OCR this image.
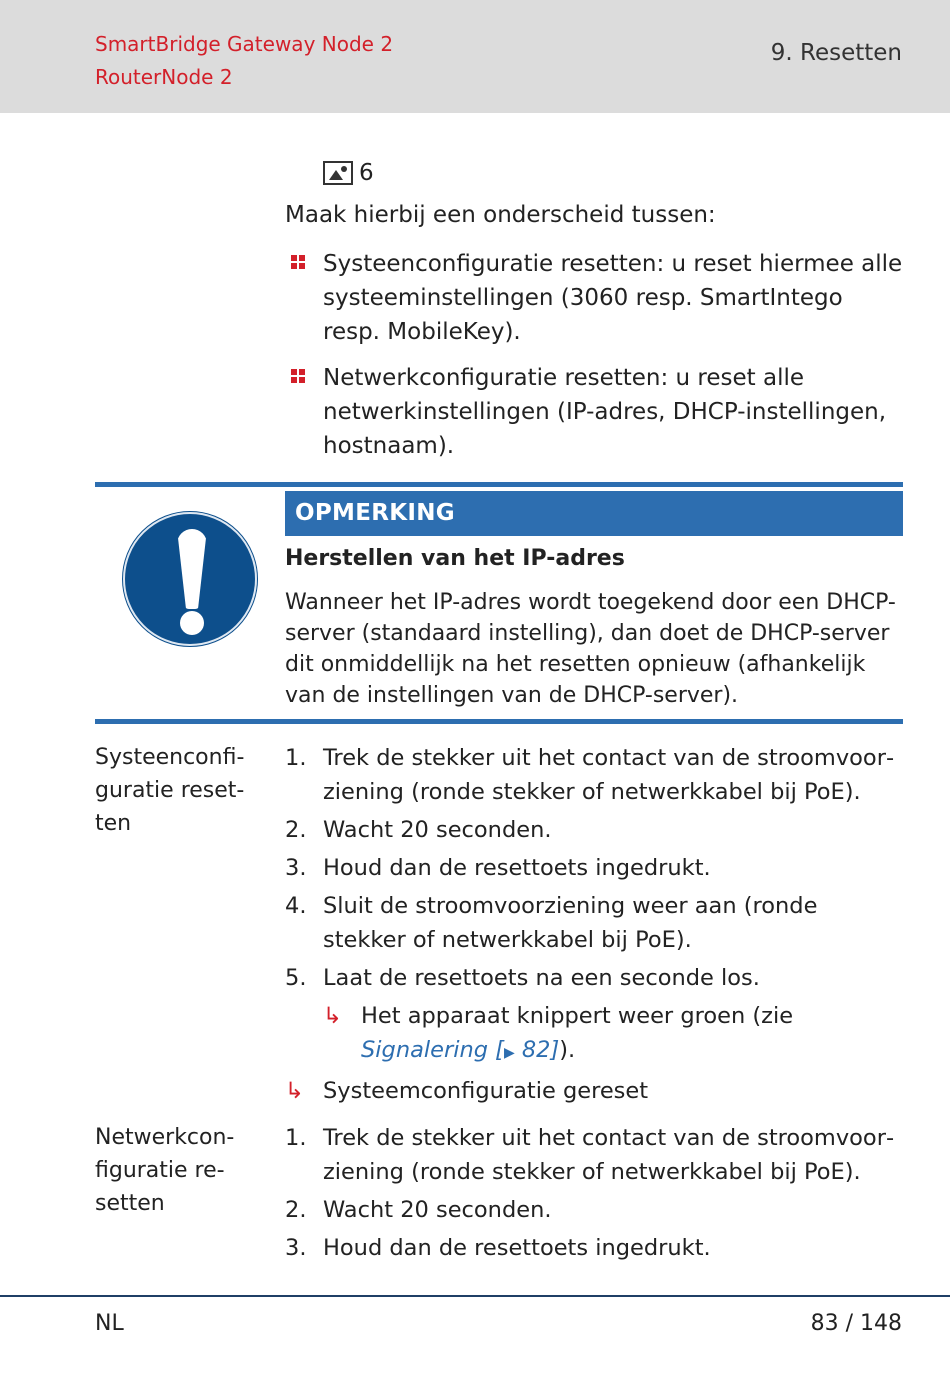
SmartBridge Gateway Node 2
RouterNode 2
9. Resetten
6
Maak hierbij een onderscheid tussen:
Systeenconfiguratie resetten: u reset hiermee alle systeeminstellingen (3060 resp. SmartIntego resp. MobileKey).
Netwerkconfiguratie resetten: u reset alle netwerkinstellingen (IP-adres, DHCP-instellingen, hostnaam).
OPMERKING
Herstellen van het IP-adres
Wanneer het IP-adres wordt toegekend door een DHCP-server (standaard instelling), dan doet de DHCP-server dit onmiddellijk na het resetten opnieuw (afhankelijk van de instellingen van de DHCP-server).
Systeenconfi-
guratie reset-
ten
1. Trek de stekker uit het contact van de stroomvoorziening (ronde stekker of netwerkkabel bij PoE).
2. Wacht 20 seconden.
3. Houd dan de resettoets ingedrukt.
4. Sluit de stroomvoorziening weer aan (ronde stekker of netwerkkabel bij PoE).
5. Laat de resettoets na een seconde los.
↳ Het apparaat knippert weer groen (zie Signalering [▶ 82]).
↳ Systeemconfiguratie gereset
Netwerkcon-
figuratie re-
setten
1. Trek de stekker uit het contact van de stroomvoorziening (ronde stekker of netwerkkabel bij PoE).
2. Wacht 20 seconden.
3. Houd dan de resettoets ingedrukt.
NL	83 / 148
